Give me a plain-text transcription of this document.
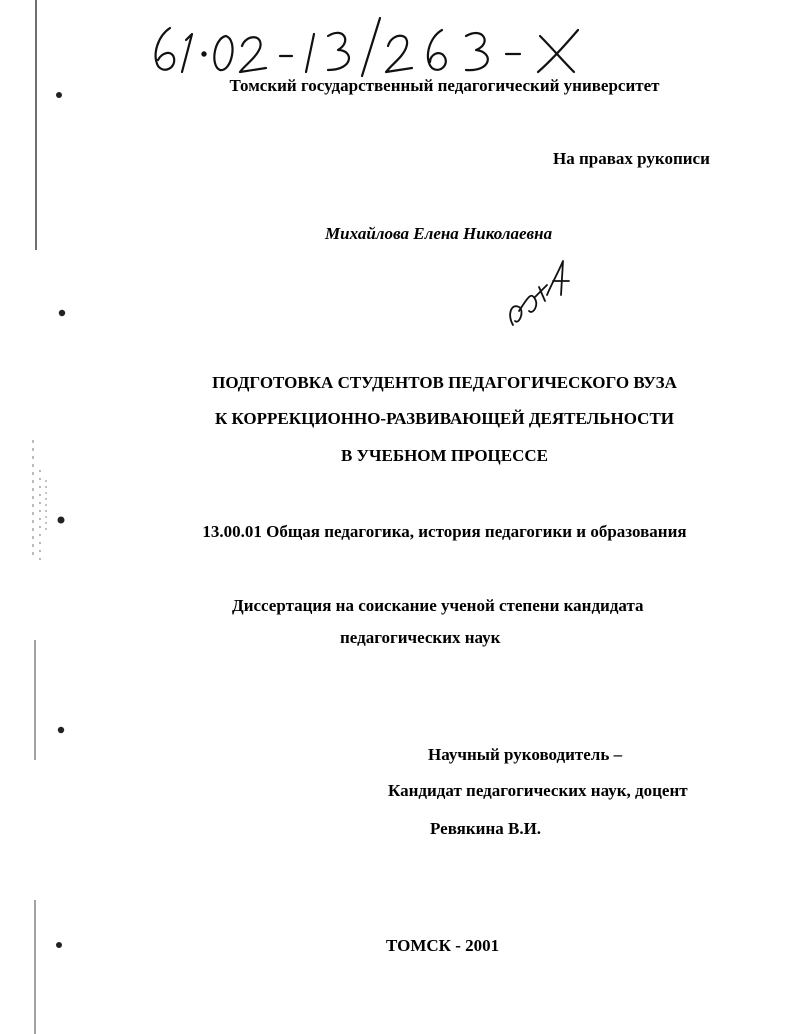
Томский государственный педагогический университет
На правах рукописи
Михайлова Елена Николаевна
ПОДГОТОВКА СТУДЕНТОВ ПЕДАГОГИЧЕСКОГО ВУЗА
К КОРРЕКЦИОННО-РАЗВИВАЮЩЕЙ ДЕЯТЕЛЬНОСТИ
В УЧЕБНОМ ПРОЦЕССЕ
13.00.01 Общая педагогика, история педагогики и образования
Диссертация на соискание ученой степени кандидата
педагогических наук
Научный руководитель –
Кандидат педагогических наук, доцент
Ревякина В.И.
ТОМСК - 2001
